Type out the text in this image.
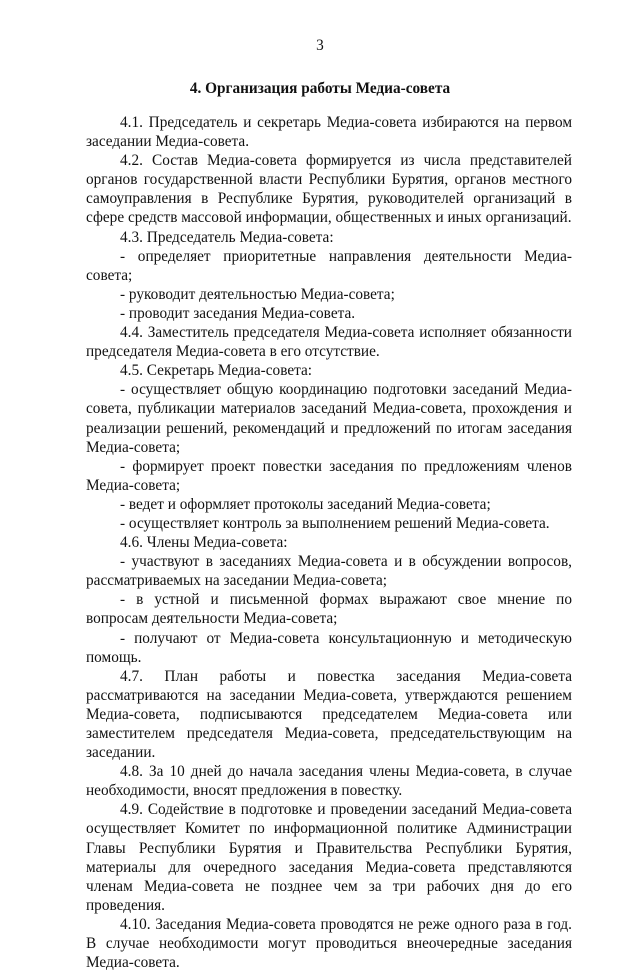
3
4. Организация работы Медиа-совета

4.1. Председатель и секретарь Медиа-совета избираются на первом заседании Медиа-совета.

4.2. Состав Медиа-совета формируется из числа представителей органов государственной власти Республики Бурятия, органов местного самоуправления в Республике Бурятия, руководителей организаций в сфере средств массовой информации, общественных и иных организаций.

4.3. Председатель Медиа-совета:

- определяет приоритетные направления деятельности Медиа-совета;

- руководит деятельностью Медиа-совета;

- проводит заседания Медиа-совета.

4.4. Заместитель председателя Медиа-совета исполняет обязанности председателя Медиа-совета в его отсутствие.

4.5. Секретарь Медиа-совета:

- осуществляет общую координацию подготовки заседаний Медиа-совета, публикации материалов заседаний Медиа-совета, прохождения и реализации решений, рекомендаций и предложений по итогам заседания Медиа-совета;

- формирует проект повестки заседания по предложениям членов Медиа-совета;

- ведет и оформляет протоколы заседаний Медиа-совета;

- осуществляет контроль за выполнением решений Медиа-совета.

4.6. Члены Медиа-совета:

- участвуют в заседаниях Медиа-совета и в обсуждении вопросов, рассматриваемых на заседании Медиа-совета;

- в устной и письменной формах выражают свое мнение по вопросам деятельности Медиа-совета;

- получают от Медиа-совета консультационную и методическую помощь.

4.7. План работы и повестка заседания Медиа-совета рассматриваются на заседании Медиа-совета, утверждаются решением Медиа-совета, подписываются председателем Медиа-совета или заместителем председателя Медиа-совета, председательствующим на заседании.

4.8. За 10 дней до начала заседания члены Медиа-совета, в случае необходимости, вносят предложения в повестку.

4.9. Содействие в подготовке и проведении заседаний Медиа-совета осуществляет Комитет по информационной политике Администрации Главы Республики Бурятия и Правительства Республики Бурятия, материалы для очередного заседания Медиа-совета представляются членам Медиа-совета не позднее чем за три рабочих дня до его проведения.

4.10. Заседания Медиа-совета проводятся не реже одного раза в год. В случае необходимости могут проводиться внеочередные заседания Медиа-совета.
